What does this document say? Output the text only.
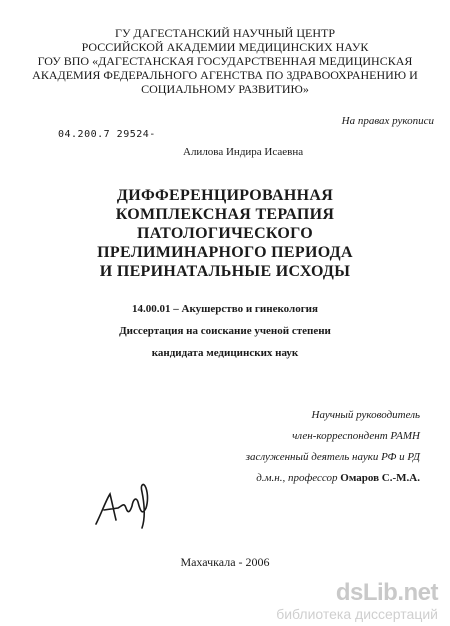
ГУ ДАГЕСТАНСКИЙ НАУЧНЫЙ ЦЕНТР
РОССИЙСКОЙ АКАДЕМИИ МЕДИЦИНСКИХ НАУК
ГОУ ВПО «ДАГЕСТАНСКАЯ ГОСУДАРСТВЕННАЯ МЕДИЦИНСКАЯ
АКАДЕМИЯ ФЕДЕРАЛЬНОГО АГЕНСТВА ПО ЗДРАВООХРАНЕНИЮ И
СОЦИАЛЬНОМУ РАЗВИТИЮ»
На правах рукописи
04.200.7 29524-
Алилова Индира Исаевна
ДИФФЕРЕНЦИРОВАННАЯ
КОМПЛЕКСНАЯ ТЕРАПИЯ
ПАТОЛОГИЧЕСКОГО
ПРЕЛИМИНАРНОГО ПЕРИОДА
И ПЕРИНАТАЛЬНЫЕ ИСХОДЫ
14.00.01 – Акушерство и гинекология
Диссертация на соискание ученой степени
кандидата медицинских наук
Научный руководитель
член-корреспондент РАМН
заслуженный деятель науки РФ и РД
д.м.н., профессор Омаров С.-М.А.
Махачкала - 2006
dsLib.net
библиотека диссертаций
